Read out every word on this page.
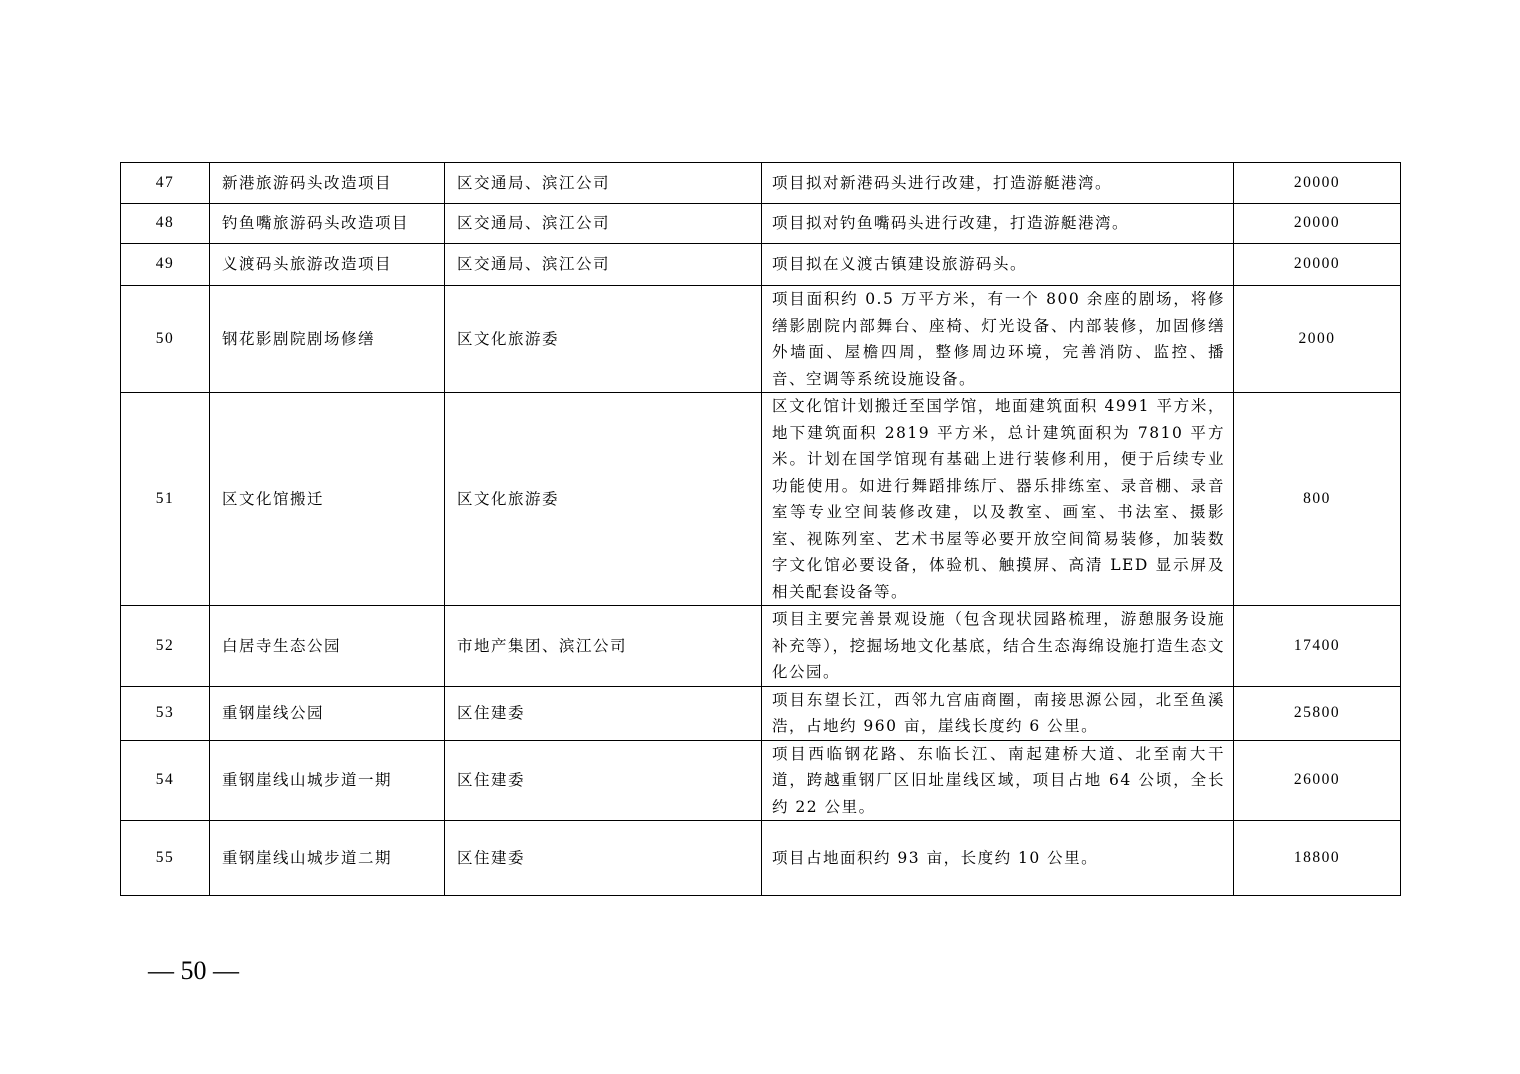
47	新港旅游码头改造项目	区交通局、滨江公司	项目拟对新港码头进行改建，打造游艇港湾。	20000
48	钓鱼嘴旅游码头改造项目	区交通局、滨江公司	项目拟对钓鱼嘴码头进行改建，打造游艇港湾。	20000
49	义渡码头旅游改造项目	区交通局、滨江公司	项目拟在义渡古镇建设旅游码头。	20000
50	钢花影剧院剧场修缮	区文化旅游委	项目面积约 0.5 万平方米，有一个 800 余座的剧场，将修缮影剧院内部舞台、座椅、灯光设备、内部装修，加固修缮外墙面、屋檐四周，整修周边环境，完善消防、监控、播音、空调等系统设施设备。	2000
51	区文化馆搬迁	区文化旅游委	区文化馆计划搬迁至国学馆，地面建筑面积 4991 平方米，地下建筑面积 2819 平方米，总计建筑面积为 7810 平方米。计划在国学馆现有基础上进行装修利用，便于后续专业功能使用。如进行舞蹈排练厅、器乐排练室、录音棚、录音室等专业空间装修改建，以及教室、画室、书法室、摄影室、视陈列室、艺术书屋等必要开放空间简易装修，加装数字文化馆必要设备，体验机、触摸屏、高清 LED 显示屏及相关配套设备等。	800
52	白居寺生态公园	市地产集团、滨江公司	项目主要完善景观设施（包含现状园路梳理，游憩服务设施补充等），挖掘场地文化基底，结合生态海绵设施打造生态文化公园。	17400
53	重钢崖线公园	区住建委	项目东望长江，西邻九宫庙商圈，南接思源公园，北至鱼溪浩，占地约 960 亩，崖线长度约 6 公里。	25800
54	重钢崖线山城步道一期	区住建委	项目西临钢花路、东临长江、南起建桥大道、北至南大干道，跨越重钢厂区旧址崖线区域，项目占地 64 公顷，全长约 22 公里。	26000
55	重钢崖线山城步道二期	区住建委	项目占地面积约 93 亩，长度约 10 公里。	18800
— 50 —
